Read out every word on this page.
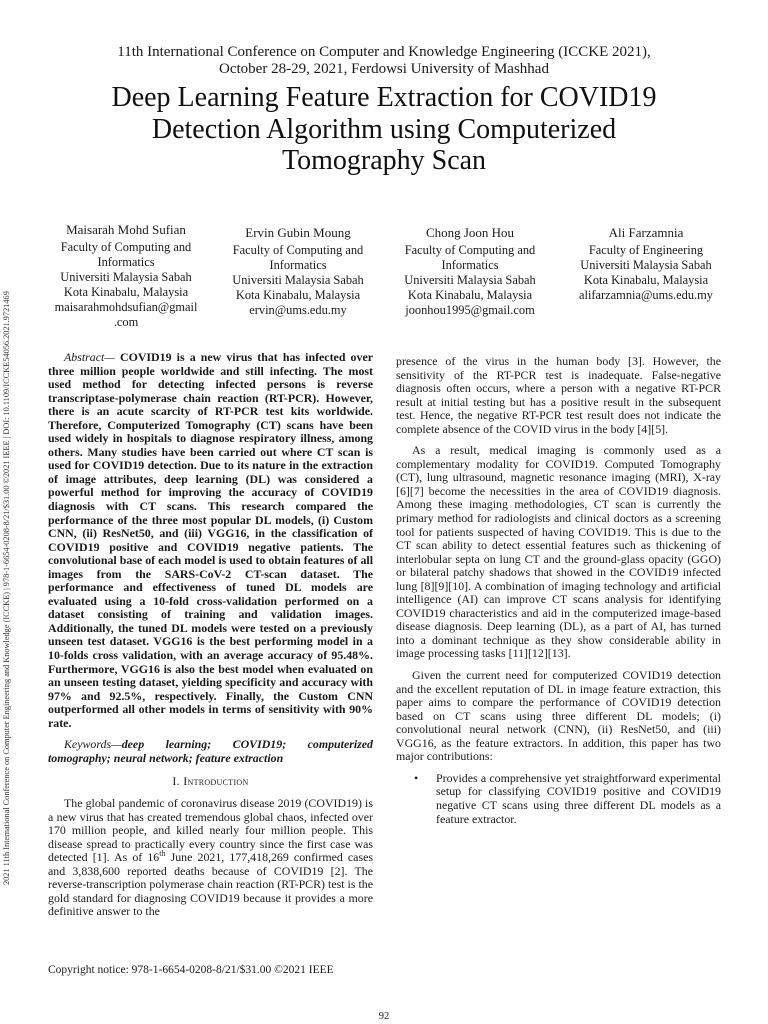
2021 11th International Conference on Computer Engineering and Knowledge (ICCKE) | 978-1-6654-0208-8/21/$31.00 ©2021 IEEE | DOI: 10.1109/ICCKE54056.2021.9721469
11th International Conference on Computer and Knowledge Engineering (ICCKE 2021),
October 28-29, 2021, Ferdowsi University of Mashhad
Deep Learning Feature Extraction for COVID19
Detection Algorithm using Computerized
Tomography Scan
Maisarah Mohd Sufian
Faculty of Computing and
Informatics
Universiti Malaysia Sabah
Kota Kinabalu, Malaysia
maisarahmohdsufian@gmail
.com
Ervin Gubin Moung
Faculty of Computing and
Informatics
Universiti Malaysia Sabah
Kota Kinabalu, Malaysia
ervin@ums.edu.my
Chong Joon Hou
Faculty of Computing and
Informatics
Universiti Malaysia Sabah
Kota Kinabalu, Malaysia
joonhou1995@gmail.com
Ali Farzamnia
Faculty of Engineering
Universiti Malaysia Sabah
Kota Kinabalu, Malaysia
alifarzamnia@ums.edu.my

Abstract— COVID19 is a new virus that has infected over three million people worldwide and still infecting. The most used method for detecting infected persons is reverse transcriptase-polymerase chain reaction (RT-PCR). However, there is an acute scarcity of RT-PCR test kits worldwide. Therefore, Computerized Tomography (CT) scans have been used widely in hospitals to diagnose respiratory illness, among others. Many studies have been carried out where CT scan is used for COVID19 detection. Due to its nature in the extraction of image attributes, deep learning (DL) was considered a powerful method for improving the accuracy of COVID19 diagnosis with CT scans. This research compared the performance of the three most popular DL models, (i) Custom CNN, (ii) ResNet50, and (iii) VGG16, in the classification of COVID19 positive and COVID19 negative patients. The convolutional base of each model is used to obtain features of all images from the SARS-CoV-2 CT-scan dataset. The performance and effectiveness of tuned DL models are evaluated using a 10-fold cross-validation performed on a dataset consisting of training and validation images. Additionally, the tuned DL models were tested on a previously unseen test dataset. VGG16 is the best performing model in a 10-folds cross validation, with an average accuracy of 95.48%. Furthermore, VGG16 is also the best model when evaluated on an unseen testing dataset, yielding specificity and accuracy with 97% and 92.5%, respectively. Finally, the Custom CNN outperformed all other models in terms of sensitivity with 90% rate.

Keywords—deep learning; COVID19; computerized tomography; neural network; feature extraction

I. Introduction

The global pandemic of coronavirus disease 2019 (COVID19) is a new virus that has created tremendous global chaos, infected over 170 million people, and killed nearly four million people. This disease spread to practically every country since the first case was detected [1]. As of 16th June 2021, 177,418,269 confirmed cases and 3,838,600 reported deaths because of COVID19 [2]. The reverse-transcription polymerase chain reaction (RT-PCR) test is the gold standard for diagnosing COVID19 because it provides a more definitive answer to the

presence of the virus in the human body [3]. However, the sensitivity of the RT-PCR test is inadequate. False-negative diagnosis often occurs, where a person with a negative RT-PCR result at initial testing but has a positive result in the subsequent test. Hence, the negative RT-PCR test result does not indicate the complete absence of the COVID virus in the body [4][5].

As a result, medical imaging is commonly used as a complementary modality for COVID19. Computed Tomography (CT), lung ultrasound, magnetic resonance imaging (MRI), X-ray [6][7] become the necessities in the area of COVID19 diagnosis. Among these imaging methodologies, CT scan is currently the primary method for radiologists and clinical doctors as a screening tool for patients suspected of having COVID19. This is due to the CT scan ability to detect essential features such as thickening of interlobular septa on lung CT and the ground-glass opacity (GGO) or bilateral patchy shadows that showed in the COVID19 infected lung [8][9][10]. A combination of imaging technology and artificial intelligence (AI) can improve CT scans analysis for identifying COVID19 characteristics and aid in the computerized image-based disease diagnosis. Deep learning (DL), as a part of AI, has turned into a dominant technique as they show considerable ability in image processing tasks [11][12][13].

Given the current need for computerized COVID19 detection and the excellent reputation of DL in image feature extraction, this paper aims to compare the performance of COVID19 detection based on CT scans using three different DL models; (i) convolutional neural network (CNN), (ii) ResNet50, and (iii) VGG16, as the feature extractors. In addition, this paper has two major contributions:

• Provides a comprehensive yet straightforward experimental setup for classifying COVID19 positive and COVID19 negative CT scans using three different DL models as a feature extractor.
Copyright notice: 978-1-6654-0208-8/21/$31.00 ©2021 IEEE
92
